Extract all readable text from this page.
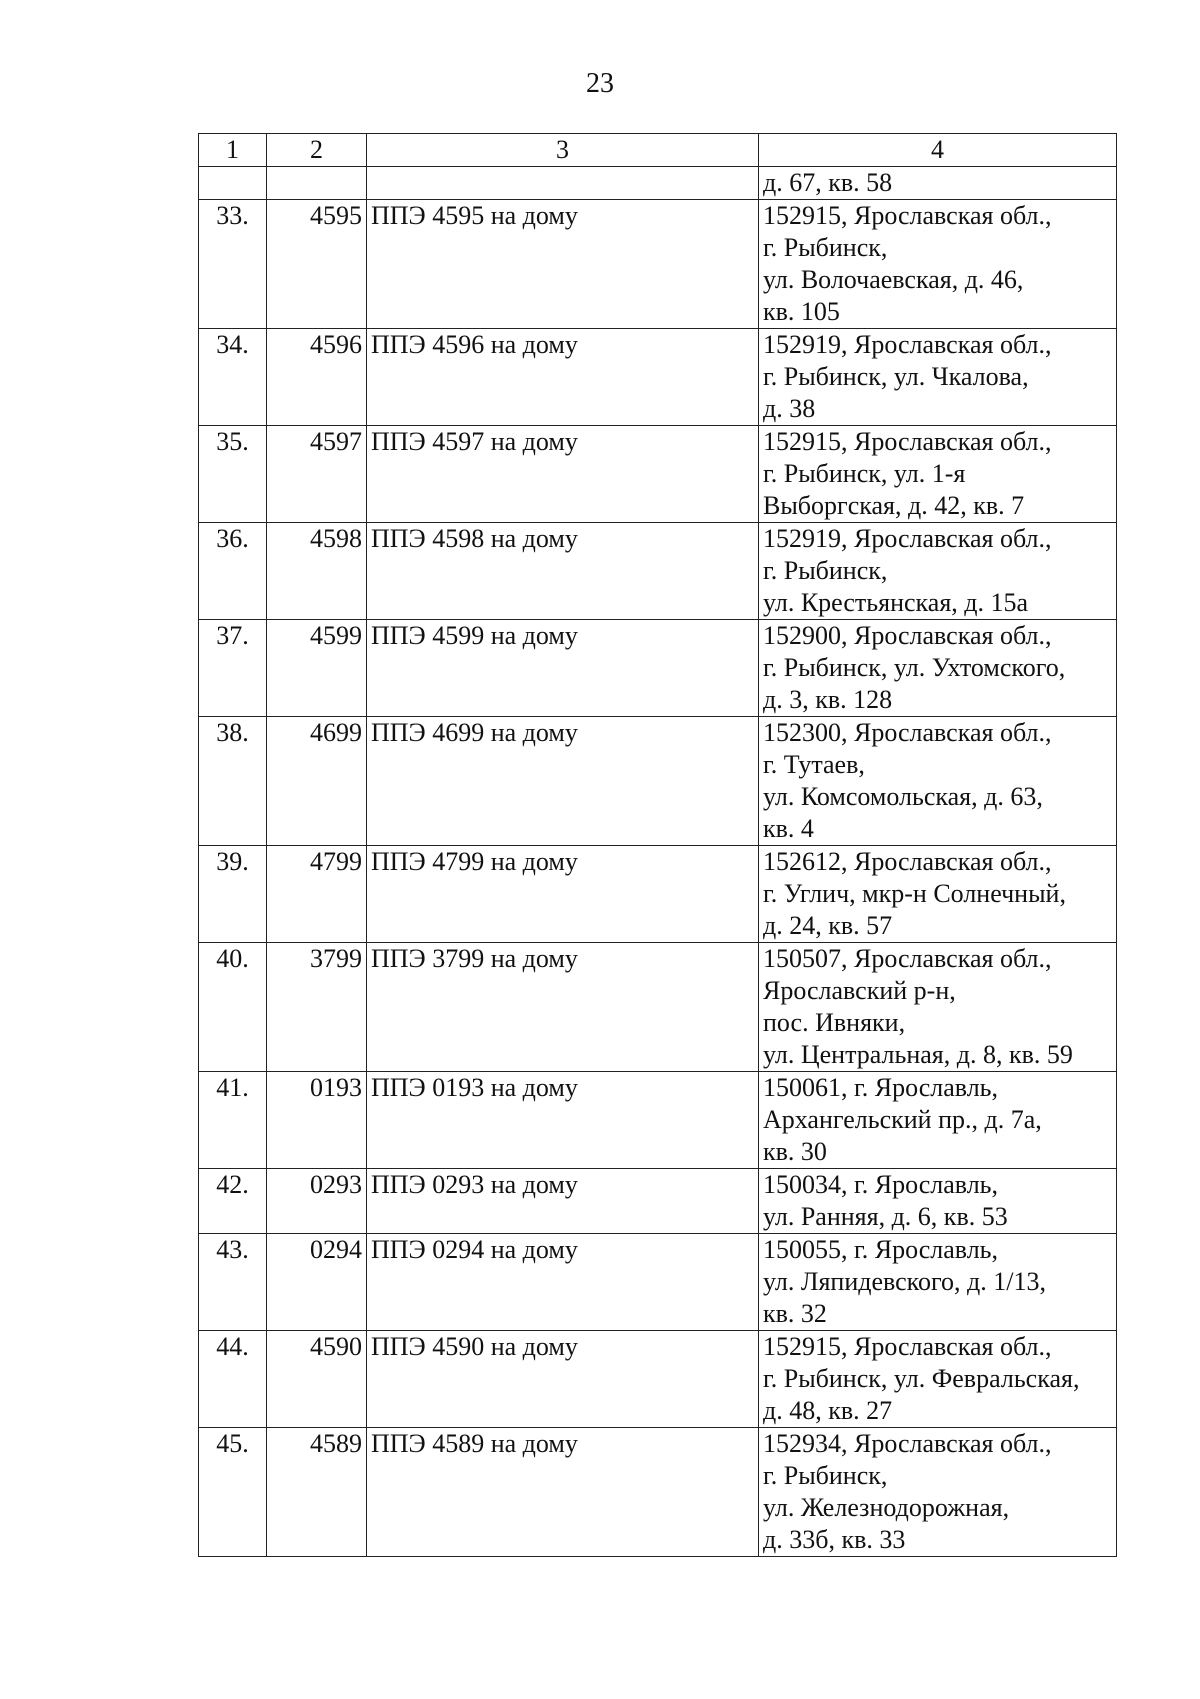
23
1	2	3	4

			д. 67, кв. 58

33.	4595	ППЭ 4595 на дому	152915, Ярославская обл.,
г. Рыбинск,
ул. Волочаевская, д. 46,
кв. 105

34.	4596	ППЭ 4596 на дому	152919, Ярославская обл.,
г. Рыбинск, ул. Чкалова,
д. 38

35.	4597	ППЭ 4597 на дому	152915, Ярославская обл.,
г. Рыбинск, ул. 1-я
Выборгская, д. 42, кв. 7

36.	4598	ППЭ 4598 на дому	152919, Ярославская обл.,
г. Рыбинск,
ул. Крестьянская, д. 15а

37.	4599	ППЭ 4599 на дому	152900, Ярославская обл.,
г. Рыбинск, ул. Ухтомского,
д. 3, кв. 128

38.	4699	ППЭ 4699 на дому	152300, Ярославская обл.,
г. Тутаев,
ул. Комсомольская, д. 63,
кв. 4

39.	4799	ППЭ 4799 на дому	152612, Ярославская обл.,
г. Углич, мкр-н Солнечный,
д. 24, кв. 57

40.	3799	ППЭ 3799 на дому	150507, Ярославская обл.,
Ярославский р-н,
пос. Ивняки,
ул. Центральная, д. 8, кв. 59

41.	0193	ППЭ 0193 на дому	150061, г. Ярославль,
Архангельский пр., д. 7а,
кв. 30

42.	0293	ППЭ 0293 на дому	150034, г. Ярославль,
ул. Ранняя, д. 6, кв. 53

43.	0294	ППЭ 0294 на дому	150055, г. Ярославль,
ул. Ляпидевского, д. 1/13,
кв. 32

44.	4590	ППЭ 4590 на дому	152915, Ярославская обл.,
г. Рыбинск, ул. Февральская,
д. 48, кв. 27

45.	4589	ППЭ 4589 на дому	152934, Ярославская обл.,
г. Рыбинск,
ул. Железнодорожная,
д. 33б, кв. 33
